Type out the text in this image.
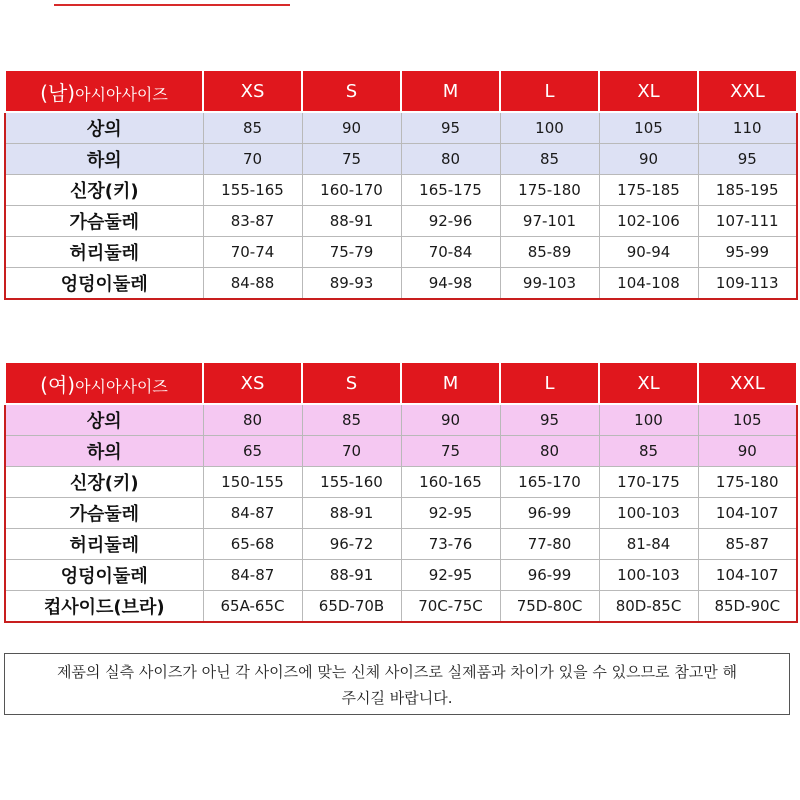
(남)아시아사이즈	XS	S	M	L	XL	XXL
상의	85	90	95	100	105	110
하의	70	75	80	85	90	95
신장(키)	155-165	160-170	165-175	175-180	175-185	185-195
가슴둘레	83-87	88-91	92-96	97-101	102-106	107-111
허리둘레	70-74	75-79	70-84	85-89	90-94	95-99
엉덩이둘레	84-88	89-93	94-98	99-103	104-108	109-113
(여)아시아사이즈	XS	S	M	L	XL	XXL
상의	80	85	90	95	100	105
하의	65	70	75	80	85	90
신장(키)	150-155	155-160	160-165	165-170	170-175	175-180
가슴둘레	84-87	88-91	92-95	96-99	100-103	104-107
허리둘레	65-68	96-72	73-76	77-80	81-84	85-87
엉덩이둘레	84-87	88-91	92-95	96-99	100-103	104-107
컵사이드(브라)	65A-65C	65D-70B	70C-75C	75D-80C	80D-85C	85D-90C
제품의 실측 사이즈가 아닌 각 사이즈에 맞는 신체 사이즈로 실제품과 차이가 있을 수 있으므로 참고만 해
주시길 바랍니다.
